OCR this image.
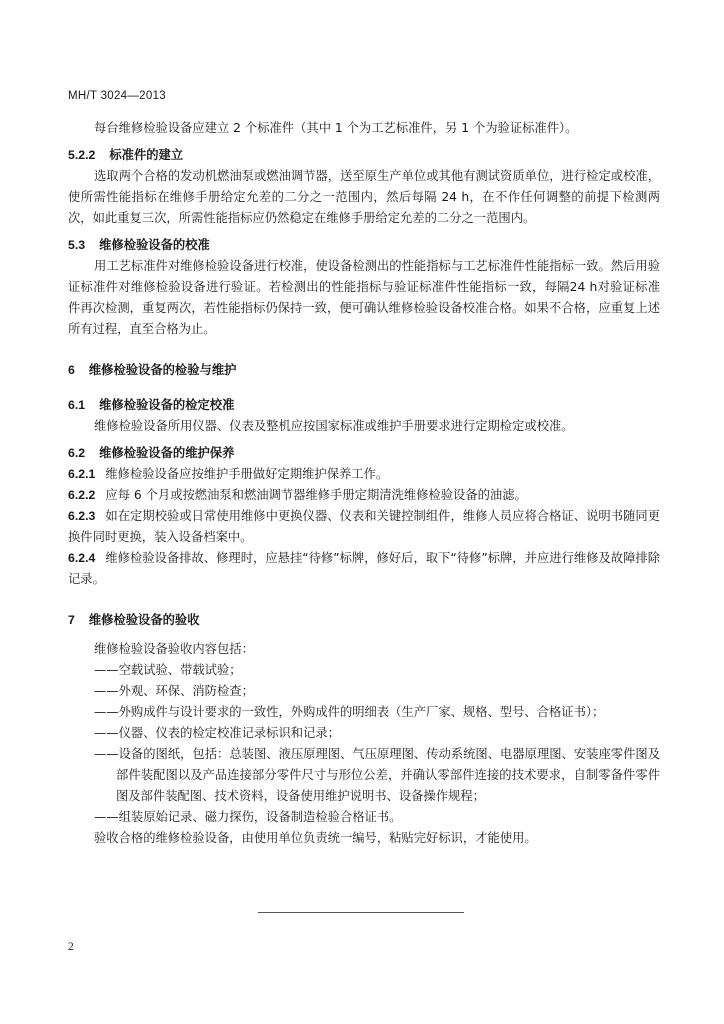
MH/T 3024—2013

每台维修检验设备应建立 2 个标准件（其中 1 个为工艺标准件，另 1 个为验证标准件）。

5.2.2 标准件的建立

选取两个合格的发动机燃油泵或燃油调节器，送至原生产单位或其他有测试资质单位，进行检定或校准，使所需性能指标在维修手册给定允差的二分之一范围内，然后每隔 24 h，在不作任何调整的前提下检测两次，如此重复三次，所需性能指标应仍然稳定在维修手册给定允差的二分之一范围内。

5.3 维修检验设备的校准

用工艺标准件对维修检验设备进行校准，使设备检测出的性能指标与工艺标准件性能指标一致。然后用验证标准件对维修检验设备进行验证。若检测出的性能指标与验证标准件性能指标一致，每隔24 h对验证标准件再次检测，重复两次，若性能指标仍保持一致，便可确认维修检验设备校准合格。如果不合格，应重复上述所有过程，直至合格为止。

6 维修检验设备的检验与维护

6.1 维修检验设备的检定校准

维修检验设备所用仪器、仪表及整机应按国家标准或维护手册要求进行定期检定或校准。

6.2 维修检验设备的维护保养

6.2.1 维修检验设备应按维护手册做好定期维护保养工作。

6.2.2 应每 6 个月或按燃油泵和燃油调节器维修手册定期清洗维修检验设备的油滤。

6.2.3 如在定期校验或日常使用维修中更换仪器、仪表和关键控制组件，维修人员应将合格证、说明书随同更换件同时更换，装入设备档案中。

6.2.4 维修检验设备排故、修理时，应悬挂“待修”标牌，修好后，取下“待修”标牌，并应进行维修及故障排除记录。

7 维修检验设备的验收

维修检验设备验收内容包括：

——空载试验、带载试验；

——外观、环保、消防检查；

——外购成件与设计要求的一致性，外购成件的明细表（生产厂家、规格、型号、合格证书）；

——仪器、仪表的检定校准记录标识和记录；

——设备的图纸，包括：总装图、液压原理图、气压原理图、传动系统图、电器原理图、安装座零件图及部件装配图以及产品连接部分零件尺寸与形位公差，并确认零部件连接的技术要求，自制零备件零件图及部件装配图、技术资料，设备使用维护说明书、设备操作规程；

——组装原始记录、磁力探伤，设备制造检验合格证书。

验收合格的维修检验设备，由使用单位负责统一编号，粘贴完好标识，才能使用。

2
